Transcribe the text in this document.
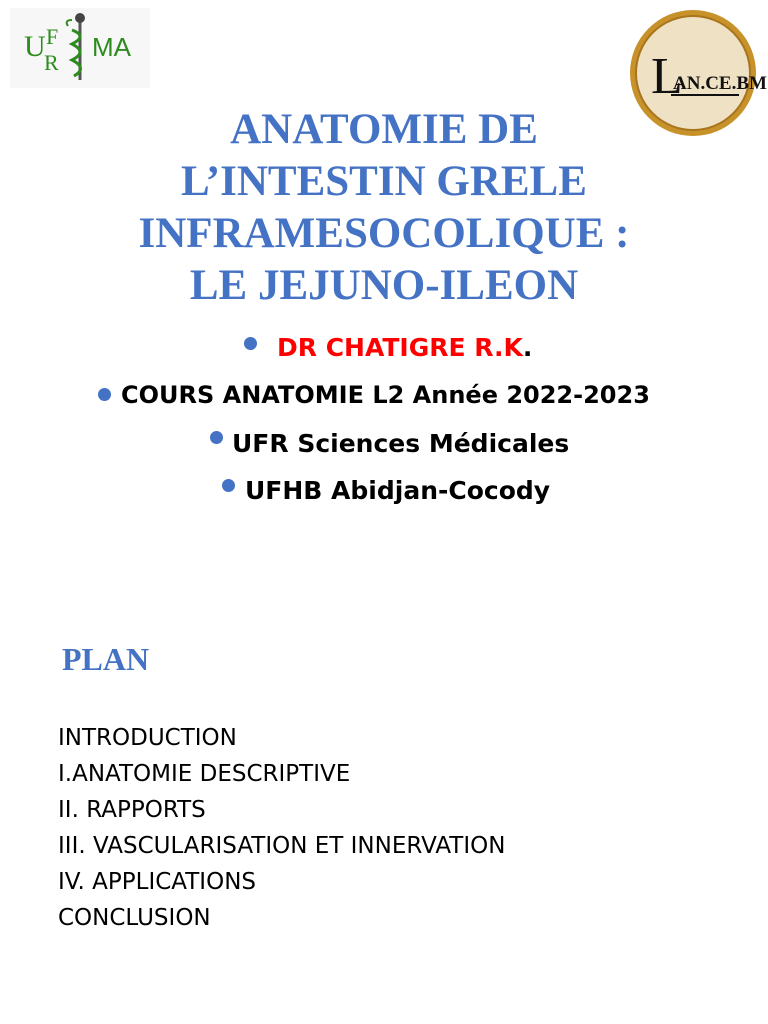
U F
R
MA
L
AN.CE.BM
ANATOMIE DE
L’INTESTIN GRELE
INFRAMESOCOLIQUE :
LE JEJUNO-ILEON
DR CHATIGRE R.K.
COURS ANATOMIE L2 Année 2022-2023
UFR Sciences Médicales
UFHB Abidjan-Cocody
PLAN
INTRODUCTION
I.ANATOMIE DESCRIPTIVE
II. RAPPORTS
III. VASCULARISATION ET INNERVATION
IV. APPLICATIONS
CONCLUSION
